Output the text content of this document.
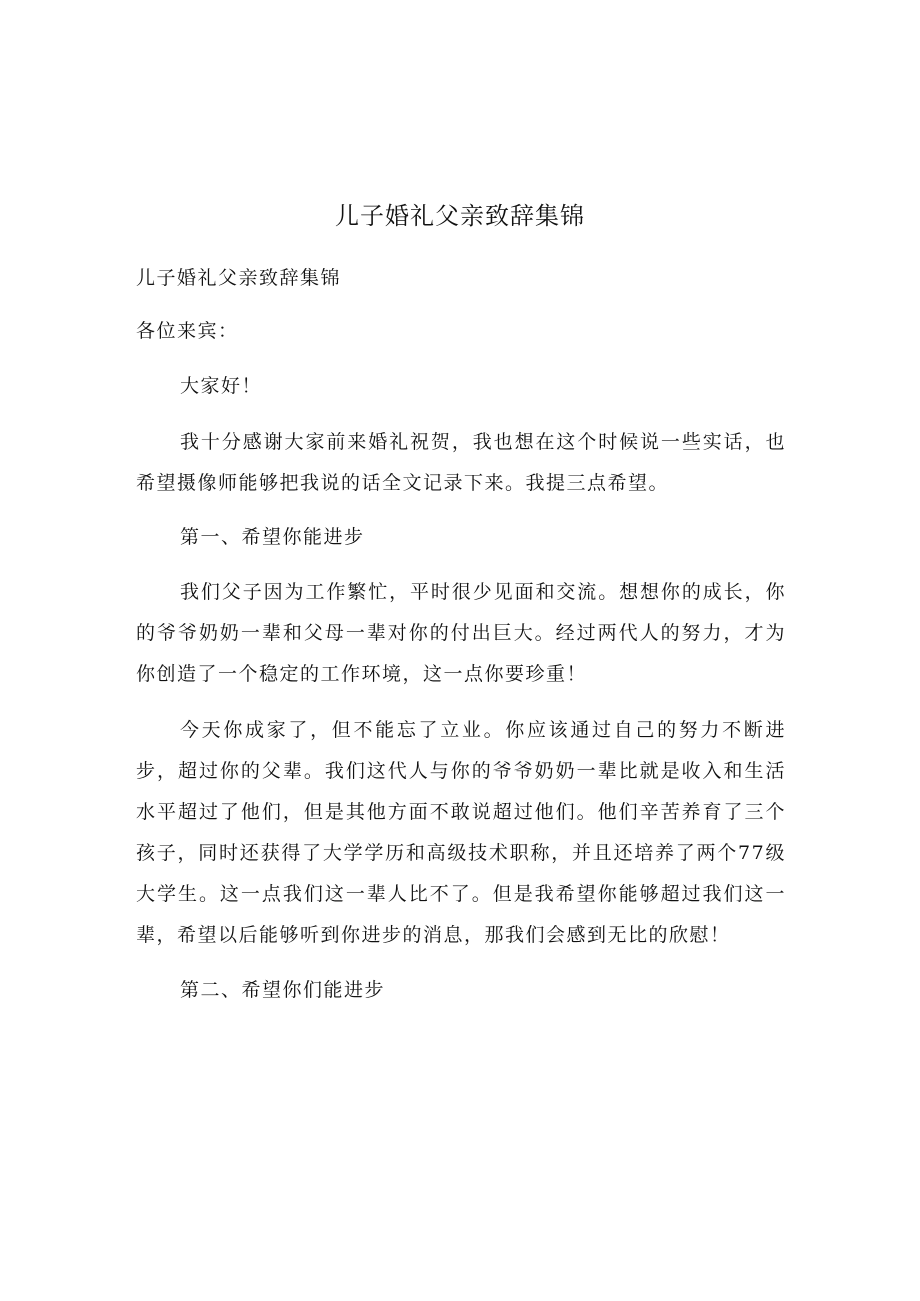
儿子婚礼父亲致辞集锦

儿子婚礼父亲致辞集锦

各位来宾：

大家好！

我十分感谢大家前来婚礼祝贺，我也想在这个时候说一些实话，也希望摄像师能够把我说的话全文记录下来。我提三点希望。

第一、希望你能进步

我们父子因为工作繁忙，平时很少见面和交流。想想你的成长，你的爷爷奶奶一辈和父母一辈对你的付出巨大。经过两代人的努力，才为你创造了一个稳定的工作环境，这一点你要珍重！

今天你成家了，但不能忘了立业。你应该通过自己的努力不断进步，超过你的父辈。我们这代人与你的爷爷奶奶一辈比就是收入和生活水平超过了他们，但是其他方面不敢说超过他们。他们辛苦养育了三个孩子，同时还获得了大学学历和高级技术职称，并且还培养了两个77级大学生。这一点我们这一辈人比不了。但是我希望你能够超过我们这一辈，希望以后能够听到你进步的消息，那我们会感到无比的欣慰！

第二、希望你们能进步
